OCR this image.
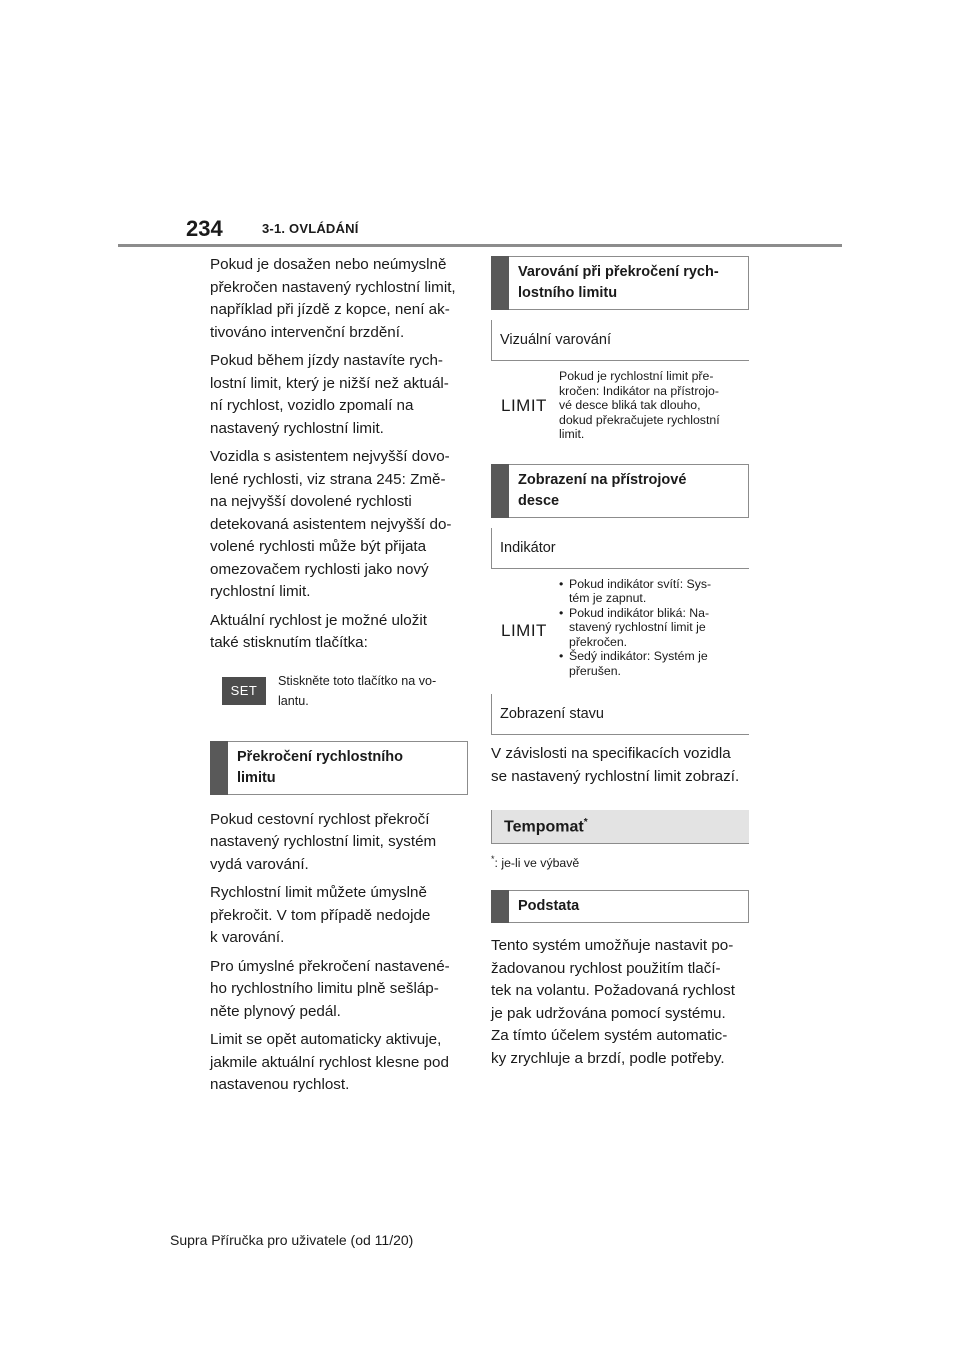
234	3-1. OVLÁDÁNÍ

Pokud je dosažen nebo neúmyslně
překročen nastavený rychlostní limit,
například při jízdě z kopce, není ak-
tivováno intervenční brzdění.

Pokud během jízdy nastavíte rych-
lostní limit, který je nižší než aktuál-
ní rychlost, vozidlo zpomalí na
nastavený rychlostní limit.

Vozidla s asistentem nejvyšší dovo-
lené rychlosti, viz strana 245: Změ-
na nejvyšší dovolené rychlosti
detekovaná asistentem nejvyšší do-
volené rychlosti může být přijata
omezovačem rychlosti jako nový
rychlostní limit.

Aktuální rychlost je možné uložit
také stisknutím tlačítka:

SET
Stiskněte toto tlačítko na vo-
lantu.
Překročení rychlostního
limitu

Pokud cestovní rychlost překročí
nastavený rychlostní limit, systém
vydá varování.

Rychlostní limit můžete úmyslně
překročit. V tom případě nedojde
k varování.

Pro úmyslné překročení nastavené-
ho rychlostního limitu plně sešláp-
něte plynový pedál.

Limit se opět automaticky aktivuje,
jakmile aktuální rychlost klesne pod
nastavenou rychlost.

Varování při překročení rych-
lostního limitu
Vizuální varování
LIMIT
Pokud je rychlostní limit pře-
kročen: Indikátor na přístrojo-
vé desce bliká tak dlouho,
dokud překračujete rychlostní
limit.
Zobrazení na přístrojové
desce
Indikátor
LIMIT
• Pokud indikátor svítí: Sys-
tém je zapnut.
• Pokud indikátor bliká: Na-
stavený rychlostní limit je
překročen.
• Šedý indikátor: Systém je
přerušen.
Zobrazení stavu

V závislosti na specifikacích vozidla
se nastavený rychlostní limit zobrazí.

Tempomat*
*: je-li ve výbavě
Podstata

Tento systém umožňuje nastavit po-
žadovanou rychlost použitím tlačí-
tek na volantu. Požadovaná rychlost
je pak udržována pomocí systému.
Za tímto účelem systém automatic-
ky zrychluje a brzdí, podle potřeby.

Supra Příručka pro uživatele (od 11/20)
